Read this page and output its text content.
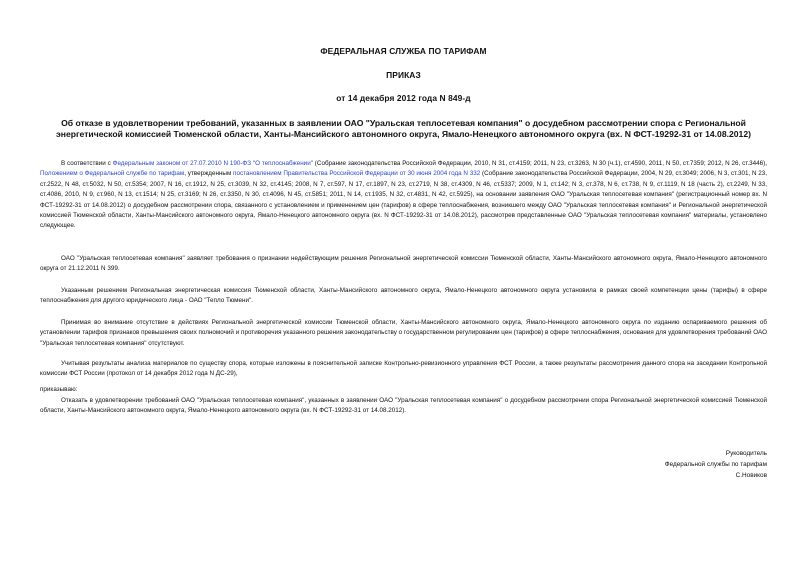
ФЕДЕРАЛЬНАЯ СЛУЖБА ПО ТАРИФАМ
ПРИКАЗ
от 14 декабря 2012 года N 849-д
Об отказе в удовлетворении требований, указанных в заявлении ОАО "Уральская теплосетевая компания" о досудебном рассмотрении спора с Региональной энергетической комиссией Тюменской области, Ханты-Мансийского автономного округа, Ямало-Ненецкого автономного округа (вх. N ФСТ-19292-31 от 14.08.2012)

В соответствии с Федеральным законом от 27.07.2010 N 190-ФЗ "О теплоснабжении" (Собрание законодательства Российской Федерации, 2010, N 31, ст.4159; 2011, N 23, ст.3263, N 30 (ч.1), ст.4590, 2011, N 50, ст.7359; 2012, N 26, ст.3446), Положением о Федеральной службе по тарифам, утвержденным постановлением Правительства Российской Федерации от 30 июня 2004 года N 332 (Собрание законодательства Российской Федерации, 2004, N 29, ст.3049; 2006, N 3, ст.301, N 23, ст.2522, N 48, ст.5032, N 50, ст.5354; 2007, N 16, ст.1912, N 25, ст.3039, N 32, ст.4145; 2008, N 7, ст.597, N 17, ст.1897, N 23, ст.2719, N 38, ст.4309, N 46, ст.5337; 2009, N 1, ст.142; N 3, ст.378, N 6, ст.738, N 9, ст.1119, N 18 (часть 2), ст.2249, N 33, ст.4086, 2010, N 9, ст.960, N 13, ст.1514; N 25, ст.3169; N 26, ст.3350, N 30, ст.4096, N 45, ст.5851; 2011, N 14, ст.1935, N 32, ст.4831, N 42, ст.5925), на основании заявления ОАО "Уральская теплосетевая компания" (регистрационный номер вх. N ФСТ-19292-31 от 14.08.2012) о досудебном рассмотрении спора, связанного с установлением и применением цен (тарифов) в сфере теплоснабжения, возникшего между ОАО "Уральская теплосетевая компания" и Региональной энергетической комиссией Тюменской области, Ханты-Мансийского автономного округа, Ямало-Ненецкого автономного округа (вх. N ФСТ-19292-31 от 14.08.2012), рассмотрев представленные ОАО "Уральская теплосетевая компания" материалы, установлено следующее.

ОАО "Уральская теплосетевая компания" заявляет требования о признании недействующим решения Региональной энергетической комиссии Тюменской области, Ханты-Мансийского автономного округа, Ямало-Ненецкого автономного округа от 21.12.2011 N 399.

Указанным решением Региональная энергетическая комиссия Тюменской области, Ханты-Мансийского автономного округа, Ямало-Ненецкого автономного округа установила в рамках своей компетенции цены (тарифы) в сфере теплоснабжения для другого юридического лица - ОАО "Тепло Тюмени".

Принимая во внимание отсутствие в действиях Региональной энергетической комиссии Тюменской области, Ханты-Мансийского автономного округа, Ямало-Ненецкого автономного округа по изданию оспариваемого решения об установлении тарифов признаков превышения своих полномочий и противоречия указанного решения законодательству о государственном регулировании цен (тарифов) в сфере теплоснабжения, основания для удовлетворения требований ОАО "Уральская теплосетевая компания" отсутствуют.

Учитывая результаты анализа материалов по существу спора, которые изложены в пояснительной записке Контрольно-ревизионного управления ФСТ России, а также результаты рассмотрения данного спора на заседании Контрольной комиссии ФСТ России (протокол от 14 декабря 2012 года N ДС-29),

приказываю:

Отказать в удовлетворении требований ОАО "Уральская теплосетевая компания", указанных в заявлении ОАО "Уральская теплосетевая компания" о досудебном рассмотрении спора Региональной энергетической комиссией Тюменской области, Ханты-Мансийского автономного округа, Ямало-Ненецкого автономного округа (вх. N ФСТ-19292-31 от 14.08.2012).

Руководитель
Федеральной службы по тарифам
С.Новиков
